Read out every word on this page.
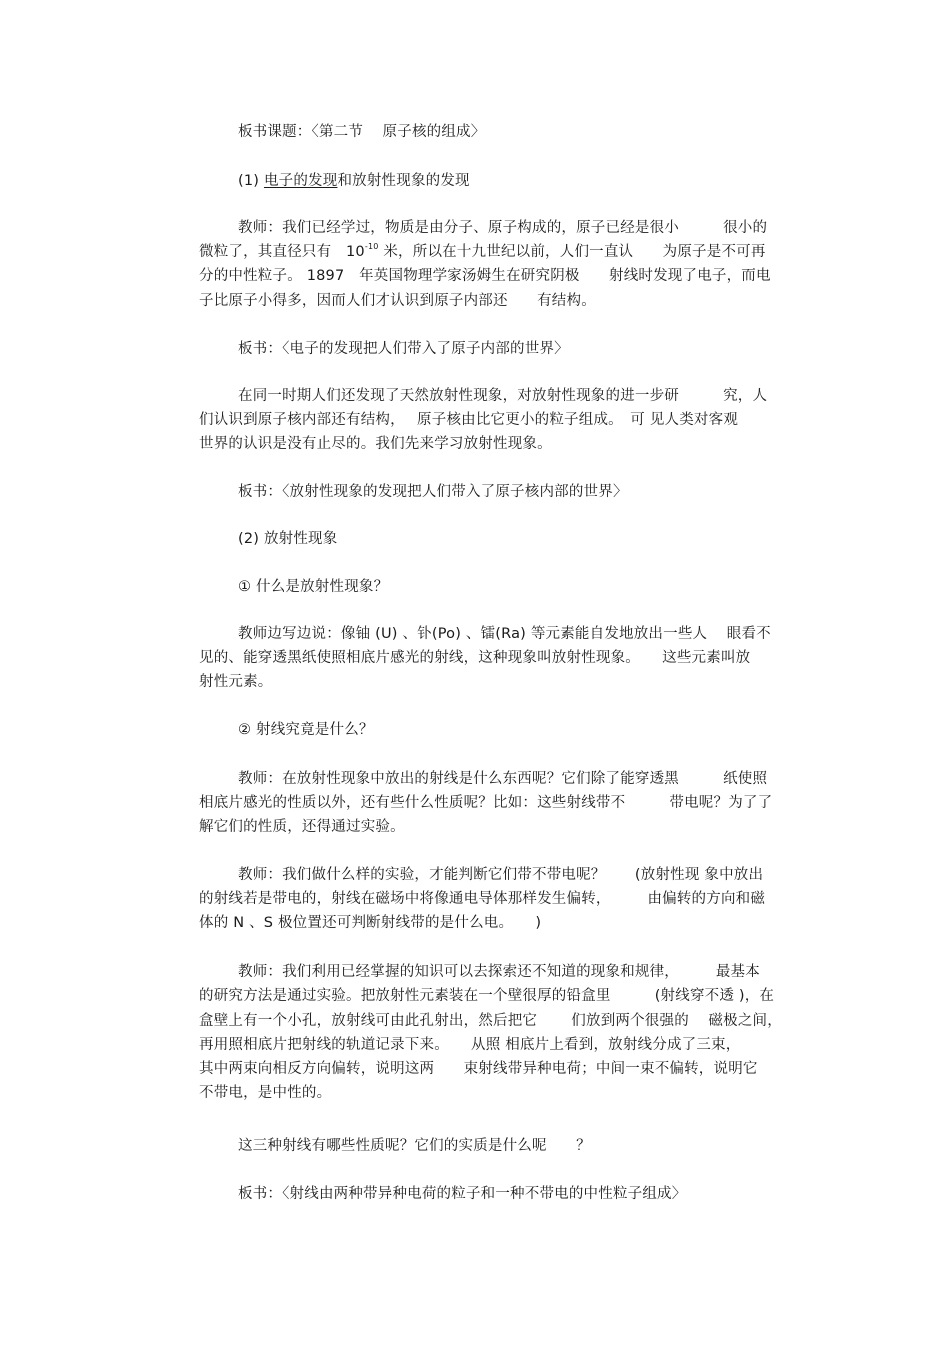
板书课题：〈第二节　 原子核的组成〉
(1) 电子的发现和放射性现象的发现
教师：我们已经学过，物质是由分子、原子构成的，原子已经是很小　　　很小的
微粒了，其直径只有　$10^{-10}$ 米，所以在十九世纪以前，人们一直认　　为原子是不可再
分的中性粒子。 1897　年英国物理学家汤姆生在研究阴极　　射线时发现了电子，而电
子比原子小得多，因而人们才认识到原子内部还　　有结构。
板书：〈电子的发现把人们带入了原子内部的世界〉
在同一时期人们还发现了天然放射性现象，对放射性现象的进一步研　　　究，人
们认识到原子核内部还有结构，　 原子核由比它更小的粒子组成。　可 见人类对客观
世界的认识是没有止尽的。我们先来学习放射性现象。
板书：〈放射性现象的发现把人们带入了原子核内部的世界〉
(2) 放射性现象
① 什么是放射性现象？
教师边写边说：像铀 (U) 、钋(Po) 、镭(Ra) 等元素能自发地放出一些人　 眼看不
见的、能穿透黑纸使照相底片感光的射线，这种现象叫放射性现象。　　这些元素叫放
射性元素。
② 射线究竟是什么？
教师：在放射性现象中放出的射线是什么东西呢？它们除了能穿透黑　　　纸使照
相底片感光的性质以外，还有些什么性质呢？比如：这些射线带不　　　带电呢？为了了
解它们的性质，还得通过实验。
教师：我们做什么样的实验，才能判断它们带不带电呢？　　(放射性现 象中放出
的射线若是带电的，射线在磁场中将像通电导体那样发生偏转，　　　由偏转的方向和磁
体的 N 、S 极位置还可判断射线带的是什么电。　　)
教师：我们利用已经掌握的知识可以去探索还不知道的现象和规律，　　　最基本
的研究方法是通过实验。把放射性元素装在一个壁很厚的铅盒里　　　(射线穿不透 )，在
盒壁上有一个小孔，放射线可由此孔射出，然后把它　　 们放到两个很强的　 磁极之间，
再用照相底片把射线的轨道记录下来。　　从照 相底片上看到，放射线分成了三束，
其中两束向相反方向偏转，说明这两　　束射线带异种电荷；中间一束不偏转，说明它
不带电，是中性的。
这三种射线有哪些性质呢？它们的实质是什么呢　　？
板书：〈射线由两种带异种电荷的粒子和一种不带电的中性粒子组成〉
